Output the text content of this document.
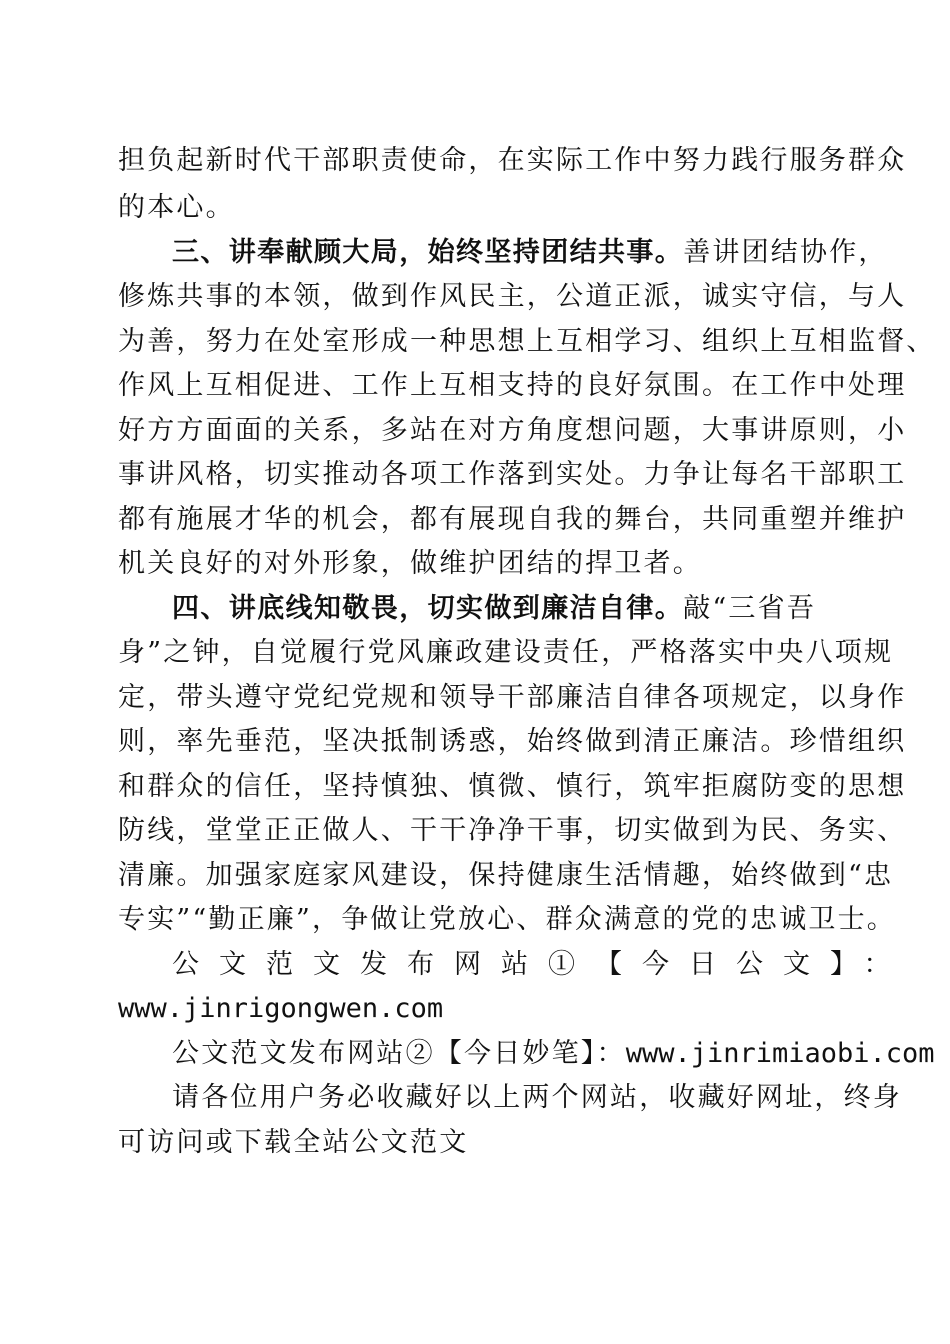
担负起新时代干部职责使命，在实际工作中努力践行服务群众
的本心。
三、讲奉献顾大局，始终坚持团结共事。善讲团结协作，
修炼共事的本领，做到作风民主，公道正派，诚实守信，与人
为善，努力在处室形成一种思想上互相学习、组织上互相监督、
作风上互相促进、工作上互相支持的良好氛围。在工作中处理
好方方面面的关系，多站在对方角度想问题，大事讲原则，小
事讲风格，切实推动各项工作落到实处。力争让每名干部职工
都有施展才华的机会，都有展现自我的舞台，共同重塑并维护
机关良好的对外形象，做维护团结的捍卫者。
四、讲底线知敬畏，切实做到廉洁自律。敲“三省吾
身”之钟，自觉履行党风廉政建设责任，严格落实中央八项规
定，带头遵守党纪党规和领导干部廉洁自律各项规定，以身作
则，率先垂范，坚决抵制诱惑，始终做到清正廉洁。珍惜组织
和群众的信任，坚持慎独、慎微、慎行，筑牢拒腐防变的思想
防线，堂堂正正做人、干干净净干事，切实做到为民、务实、
清廉。加强家庭家风建设，保持健康生活情趣，始终做到“忠
专实”“勤正廉”，争做让党放心、群众满意的党的忠诚卫士。
公文范文发布网站①【今日公文】：
www.jinrigongwen.com
公文范文发布网站②【今日妙笔】：www.jinrimiaobi.com
请各位用户务必收藏好以上两个网站，收藏好网址，终身
可访问或下载全站公文范文
